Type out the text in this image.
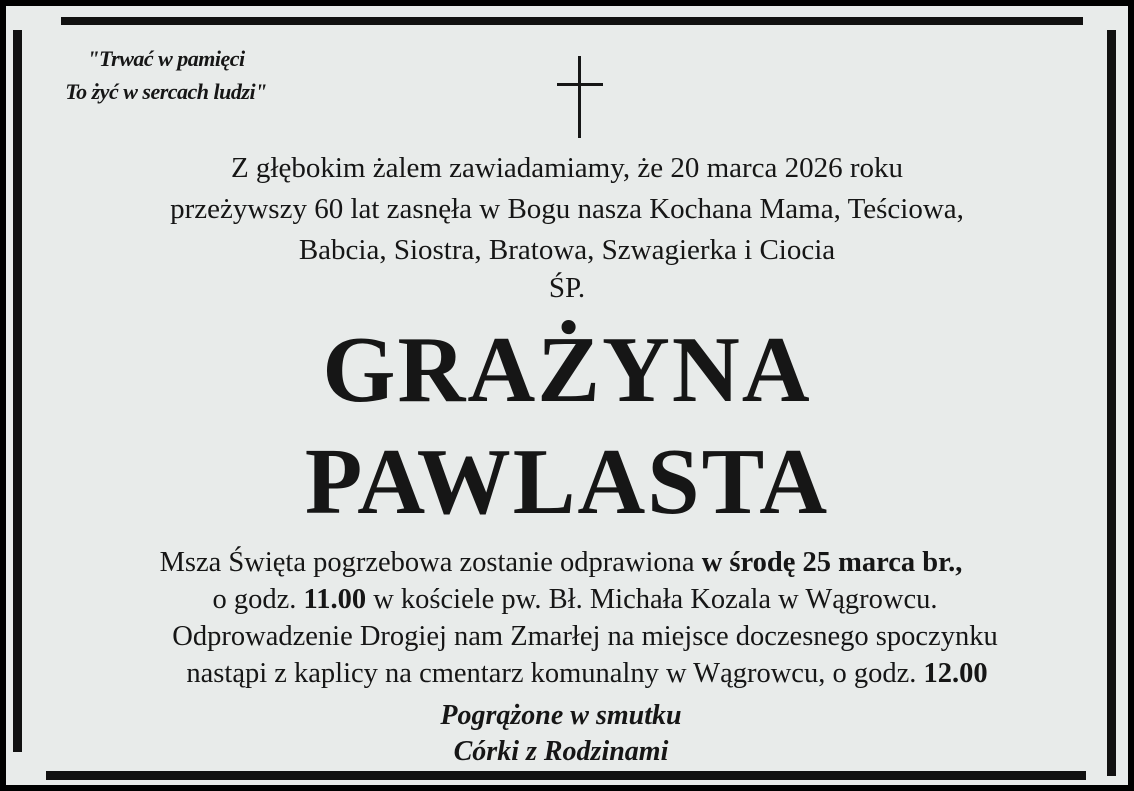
"Trwać w pamięci
To żyć w sercach ludzi"
Z głębokim żalem zawiadamiamy, że 20 marca 2026 roku
przeżywszy 60 lat zasnęła w Bogu nasza Kochana Mama, Teściowa,
Babcia, Siostra, Bratowa, Szwagierka i Ciocia
ŚP.
GRAŻYNA
PAWLASTA
Msza Święta pogrzebowa zostanie odprawiona w środę 25 marca br.,
o godz. 11.00 w kościele pw. Bł. Michała Kozala w Wągrowcu.
Odprowadzenie Drogiej nam Zmarłej na miejsce doczesnego spoczynku
nastąpi z kaplicy na cmentarz komunalny w Wągrowcu, o godz. 12.00
Pogrążone w smutku
Córki z Rodzinami
